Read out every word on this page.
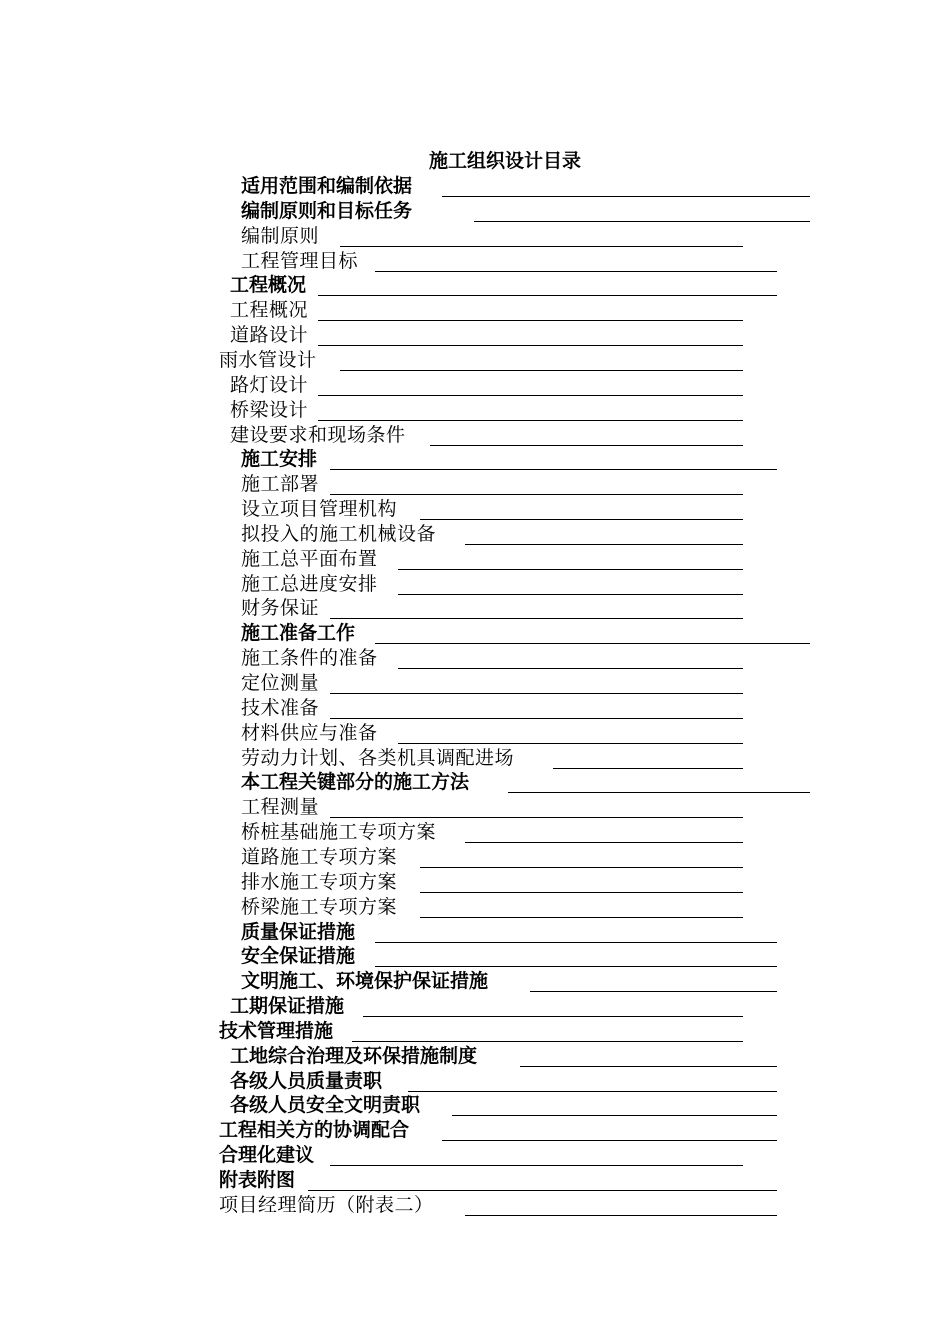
施工组织设计目录
适用范围和编制依据
编制原则和目标任务
编制原则
工程管理目标
工程概况
工程概况
道路设计
雨水管设计
路灯设计
桥梁设计
建设要求和现场条件
施工安排
施工部署
设立项目管理机构
拟投入的施工机械设备
施工总平面布置
施工总进度安排
财务保证
施工准备工作
施工条件的准备
定位测量
技术准备
材料供应与准备
劳动力计划、各类机具调配进场
本工程关键部分的施工方法
工程测量
桥桩基础施工专项方案
道路施工专项方案
排水施工专项方案
桥梁施工专项方案
质量保证措施
安全保证措施
文明施工、环境保护保证措施
工期保证措施
技术管理措施
工地综合治理及环保措施制度
各级人员质量责职
各级人员安全文明责职
工程相关方的协调配合
合理化建议
附表附图
项目经理简历（附表二）
